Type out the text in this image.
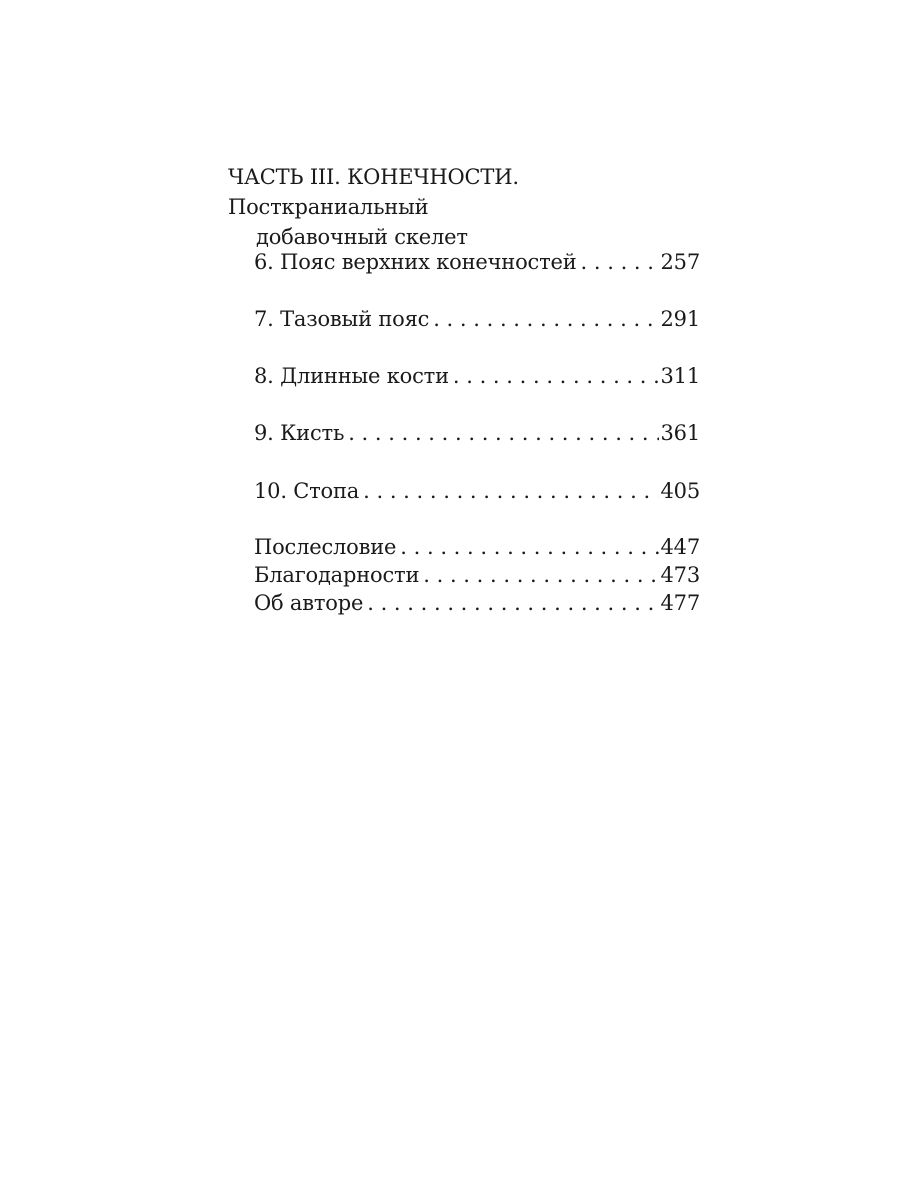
ЧАСТЬ III. КОНЕЧНОСТИ. Посткраниальный
добавочный скелет
6. Пояс верхних конечностей . . .	257
7. Тазовый пояс . . .	291
8. Длинные кости . . .	311
9. Кисть . . .	361
10. Стопа . . .	405
Послесловие . . .	447
Благодарности . . .	473
Об авторе . . .	477
